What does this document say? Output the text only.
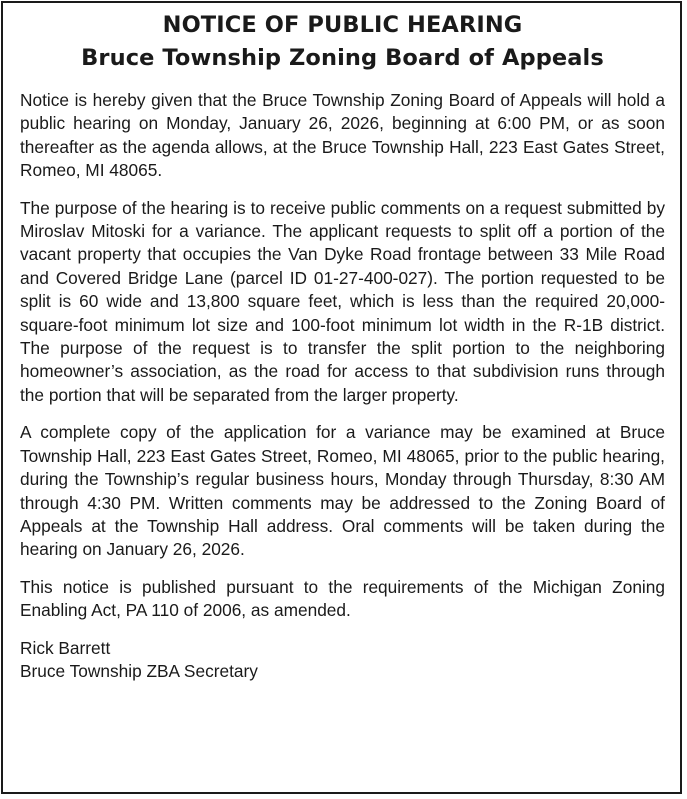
NOTICE OF PUBLIC HEARING
Bruce Township Zoning Board of Appeals

Notice is hereby given that the Bruce Township Zoning Board of Appeals will hold a public hearing on Monday, January 26, 2026, beginning at 6:00 PM, or as soon thereafter as the agenda allows, at the Bruce Township Hall, 223 East Gates Street, Romeo, MI 48065.

The purpose of the hearing is to receive public comments on a request submitted by Miroslav Mitoski for a variance. The applicant requests to split off a portion of the vacant property that occupies the Van Dyke Road frontage between 33 Mile Road and Covered Bridge Lane (parcel ID 01-27-400-027). The portion requested to be split is 60 wide and 13,800 square feet, which is less than the required 20,000-square-foot minimum lot size and 100-foot minimum lot width in the R-1B district. The purpose of the request is to transfer the split portion to the neighboring homeowner’s association, as the road for access to that subdivision runs through the portion that will be separated from the larger property.

A complete copy of the application for a variance may be examined at Bruce Township Hall, 223 East Gates Street, Romeo, MI 48065, prior to the public hearing, during the Township’s regular business hours, Monday through Thursday, 8:30 AM through 4:30 PM. Written comments may be addressed to the Zoning Board of Appeals at the Township Hall address. Oral comments will be taken during the hearing on January 26, 2026.

This notice is published pursuant to the requirements of the Michigan Zoning Enabling Act, PA 110 of 2006, as amended.

Rick Barrett
Bruce Township ZBA Secretary
